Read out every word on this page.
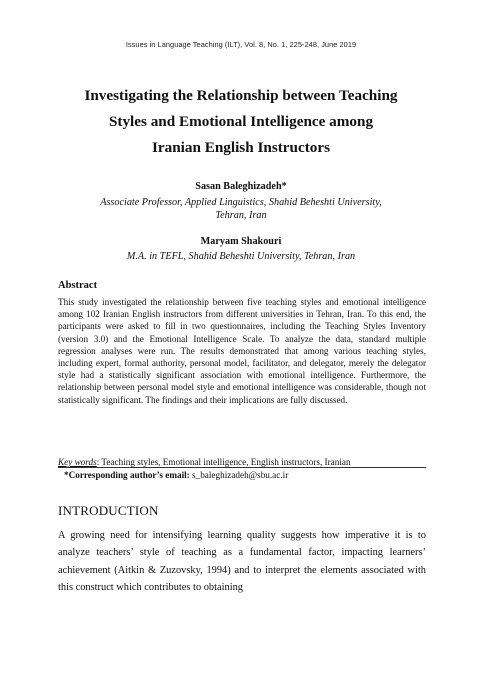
Issues in Language Teaching (ILT), Vol. 8, No. 1, 225-248, June 2019
Investigating the Relationship between Teaching
Styles and Emotional Intelligence among
Iranian English Instructors
Sasan Baleghizadeh*
Associate Professor, Applied Linguistics, Shahid Beheshti University,
Tehran, Iran
Maryam Shakouri
M.A. in TEFL, Shahid Beheshti University, Tehran, Iran
Abstract

This study investigated the relationship between five teaching styles and emotional intelligence among 102 Iranian English instructors from different universities in Tehran, Iran. To this end, the participants were asked to fill in two questionnaires, including the Teaching Styles Inventory (version 3.0) and the Emotional Intelligence Scale. To analyze the data, standard multiple regression analyses were run. The results demonstrated that among various teaching styles, including expert, formal authority, personal model, facilitator, and delegator, merely the delegator style had a statistically significant association with emotional intelligence. Furthermore, the relationship between personal model style and emotional intelligence was considerable, though not statistically significant. The findings and their implications are fully discussed.

Key words: Teaching styles, Emotional intelligence, English instructors, Iranian
*Corresponding author’s email: s_baleghizadeh@sbu.ac.ir
INTRODUCTION

A growing need for intensifying learning quality suggests how imperative it is to analyze teachers’ style of teaching as a fundamental factor, impacting learners’ achievement (Aitkin & Zuzovsky, 1994) and to interpret the elements associated with this construct which contributes to obtaining
